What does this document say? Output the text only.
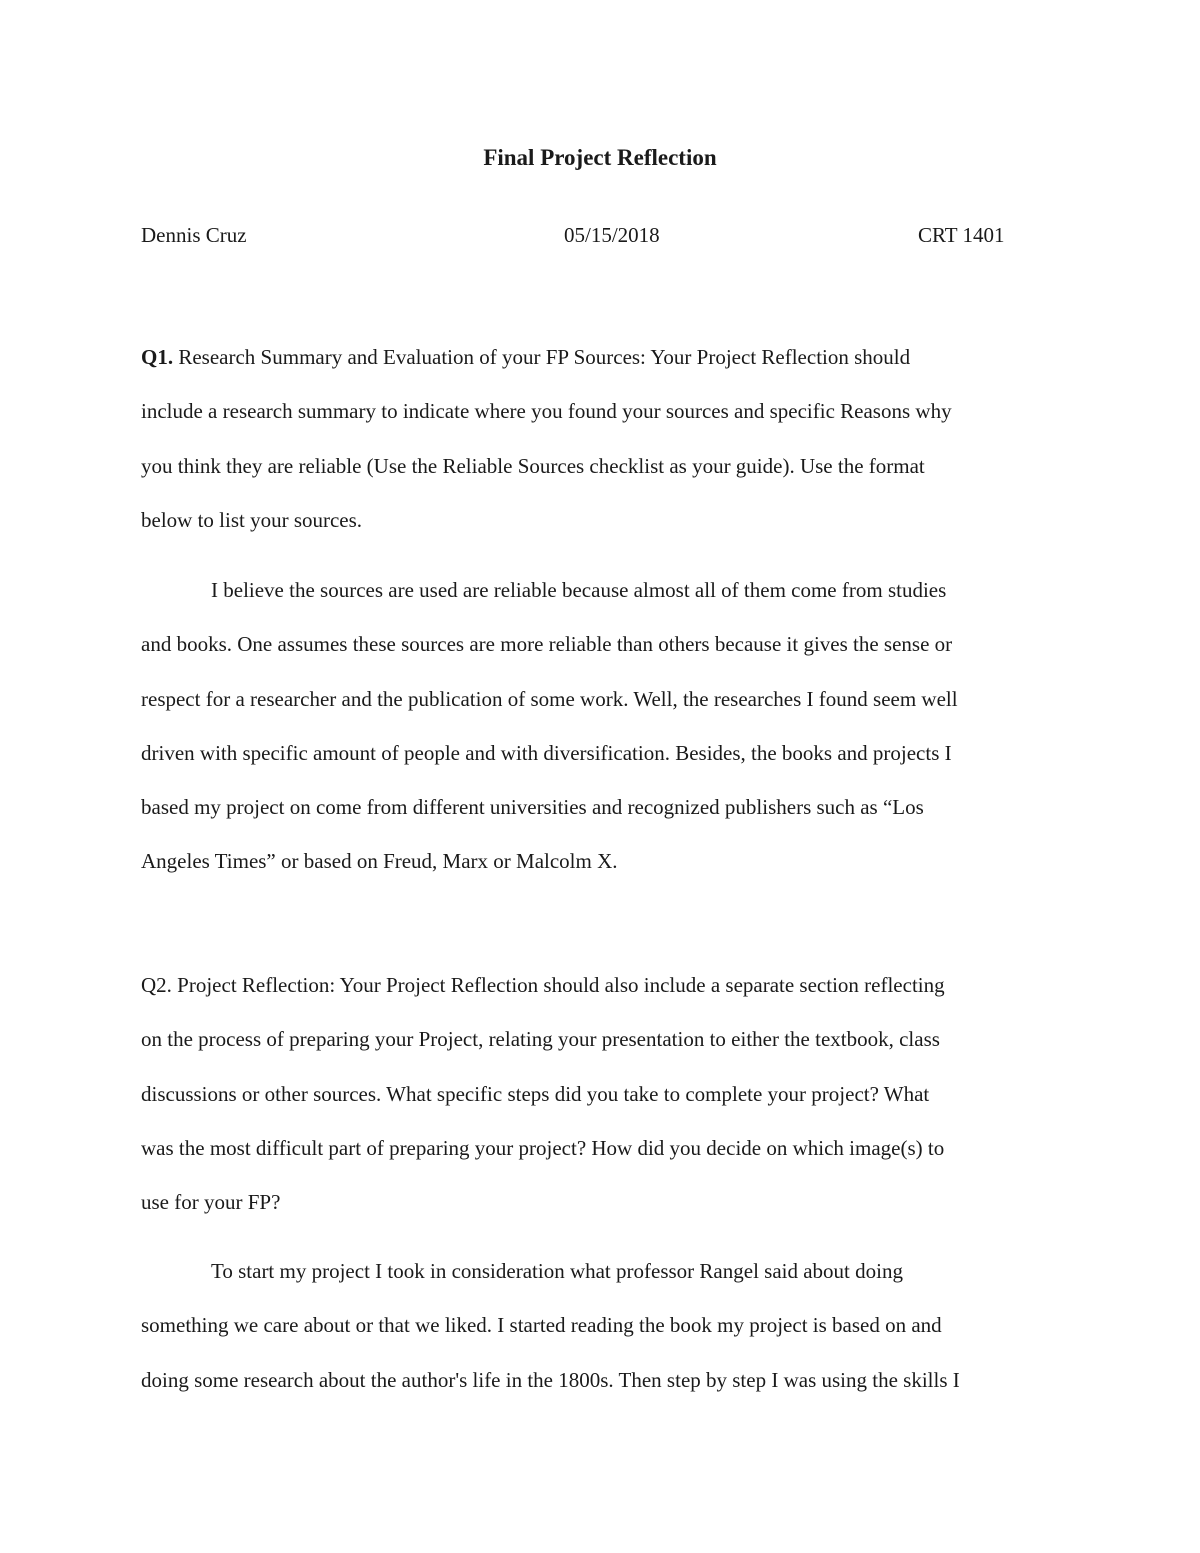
Final Project Reflection
Dennis Cruz	05/15/2018	CRT 1401
Q1. Research Summary and Evaluation of your FP Sources: Your Project Reflection should
include a research summary to indicate where you found your sources and specific Reasons why
you think they are reliable (Use the Reliable Sources checklist as your guide). Use the format
below to list your sources.
I believe the sources are used are reliable because almost all of them come from studies
and books. One assumes these sources are more reliable than others because it gives the sense or
respect for a researcher and the publication of some work. Well, the researches I found seem well
driven with specific amount of people and with diversification. Besides, the books and projects I
based my project on come from different universities and recognized publishers such as “Los
Angeles Times” or based on Freud, Marx or Malcolm X.
Q2. Project Reflection: Your Project Reflection should also include a separate section reflecting
on the process of preparing your Project, relating your presentation to either the textbook, class
discussions or other sources. What specific steps did you take to complete your project? What
was the most difficult part of preparing your project? How did you decide on which image(s) to
use for your FP?
To start my project I took in consideration what professor Rangel said about doing
something we care about or that we liked. I started reading the book my project is based on and
doing some research about the author's life in the 1800s. Then step by step I was using the skills I
